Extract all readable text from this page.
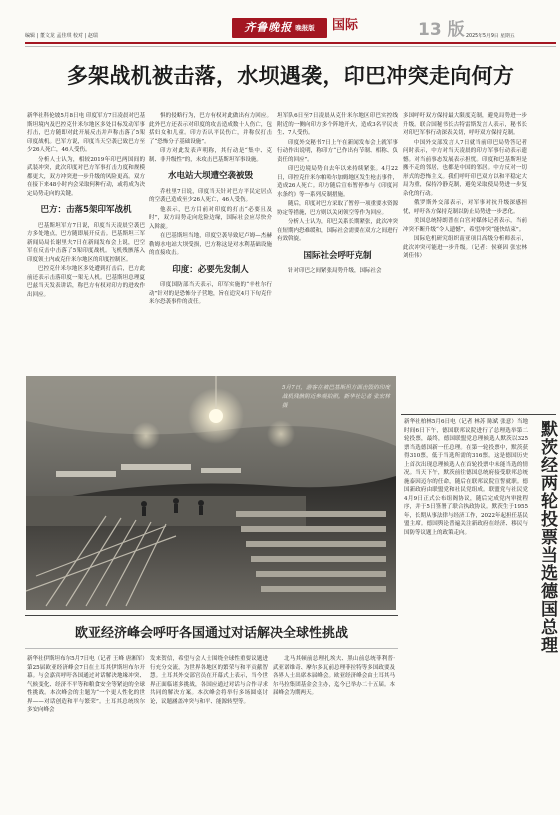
编辑 | 董文龙 孟佳琪 校对 | 赵瑞
齐鲁晚报 晚报版 国际	13 版 2025年5月9日 星期五
多架战机被击落，水坝遇袭，印巴冲突走向何方

新华社科伦坡5月8日电 印度军方7日凌晨对巴基斯坦境内及巴控克什米尔地区多处目标发动军事打击，巴方随即对此开展反击并声称击落了5架印度战机。巴军方说，印度当天空袭已致巴方至少26人死亡，46人受伤。

分析人士认为，相较2019年印巴两国间的武装冲突，此次印度对巴方军事打击力度和规模都更大，双方冲突进一步升级的风险更高。双方在接下来48小时内会采取何种行动，或将成为决定局势走向的关键。

巴方：击落5架印军战机

巴基斯坦军方7日说，印度当天凌晨空袭巴方多处地点，巴方随即展开反击。巴基斯坦三军新闻局局长谢里夫7日在新闻发布会上说，巴空军在反击中击落了5架印度战机。飞机残骸落入印度领土内或克什米尔地区的印度控制区。

巴控克什米尔地区多处遭到打击后，巴方此前还表示击落印度一架无人机。巴基斯坦总理夏巴兹当天发表讲话，称巴方有权对印方的进攻作出回应。

惧的侵略行为，巴方有权对此做出有力回应。此外巴方还表示对印度的攻击造成数十人伤亡，包括妇女和儿童。印方否认平民伤亡，并称仅打击了“恐怖分子基础设施”。

印方对此发表声明称，其行动是“集中、克制、非升级性”的，未攻击巴基斯坦军事设施。

水电站大坝遭空袭被毁

乔杜里7日说，印度当天针对巴方平民定居点的空袭已造成至少26人死亡，46人受伤。

他表示，巴方目前对印度的打击“必要且及时”，双方局势走向危险边缘，国际社会应尽快介入斡旋。

在巴基斯坦当地，印度空袭导致尼卢姆—杰赫勒姆水电站大坝受损，巴方称这是对水利基础设施的直接攻击。

印度：必要先发制人

印度国防部当天表示，印军实施的“辛杜尔行动”针对的是恐怖分子营地，旨在追究4月下旬克什米尔恐袭事件的责任。

坦军队6日至7日凌晨从克什米尔地区印巴实控线附近的一侧向印方多个阵地开火，造成3名平民丧生、7人受伤。

印度外交秘书7日上午在新闻发布会上就军事行动作出说明，称印方“已作出有节制、相称、负责任的回应”。

印巴边境局势自去年以来持续紧张。4月22日，印控克什米尔帕哈尔加姆地区发生枪击事件，造成26人死亡。印方随后宣布暂停参与《印度河水条约》等一系列反制措施。

随后，印度对巴方采取了暂停一项重要水资源协定等措施，巴方则以关闭领空等作为回应。

分析人士认为，印巴关系长期紧张，此次冲突在短期内恐难缓和，国际社会需要在双方之间进行有效斡旋。

国际社会呼吁克制

针对印巴之间紧张局势升级，国际社会

多国呼吁双方保持最大限度克制，避免局势进一步升级。联合国秘书长古特雷斯发言人表示，秘书长对印巴军事行动深表关切，呼吁双方保持克制。

中国外交部发言人7日就当前印巴局势答记者问时表示，中方对当天凌晨的印方军事行动表示遗憾。对当前事态发展表示担忧。印度和巴基斯坦是搬不走的邻居，也都是中国的邻居。中方反对一切形式的恐怖主义。我们呼吁印巴双方以和平稳定大局为重，保持冷静克制，避免采取使局势进一步复杂化的行动。

俄罗斯外交部表示，对军事对抗升级深感担忧，呼吁各方保持克制以防止局势进一步恶化。

美国总统特朗普在白宫对媒体记者表示，当前冲突不断升级“令人遗憾”，希望冲突“能快结束”。

国际危机研究组织南亚项目高级分析师表示，此次冲突可能进一步升级。（记者：侯赛因 张宏林 刘佳伟）

5月7日，游客在被巴基斯坦方面击毁的印度战机残骸附近参观拍照。新华社记者 张宏林 摄

新华社柏林5月6日电（记者 林苏 陈斌 张意）当地时间6日下午，德国联邦议院进行了总理选举第二轮投票，最终，德国联盟党总理候选人默茨以325票当选德国新一任总理。在第一轮投票中，默茨获得310票，低于当选所需的316票。这是德国历史上首次出现总理候选人在首轮投票中未能当选的情况。当天下午，默茨前往德国总统府接受联邦总统施泰因迈尔的任命，随后在联邦议院宣誓就职。德国新政府由联盟党和社民党组成。联盟党与社民党4月9日正式公布组阁协议，随后完成党内审批程序，并于5日签署了联合执政协议。默茨生于1955年，长期从事法律与经济工作，2022年起担任基民盟主席。德国舆论普遍关注新政府在经济、移民与国防等议题上的政策走向。	默茨经两轮投票当选德国总理
欧亚经济峰会呼吁各国通过对话解决全球性挑战

新华社伊斯坦布尔5月7日电（记者 王峰 唐湘军）第25届欧亚经济峰会7日在土耳其伊斯坦布尔开幕。与会嘉宾呼吁各国通过对话解决地缘冲突、气候变化、经济不平等和粮食安全等紧迫的全球性挑战。本次峰会的主题为“一个更人性化的世界——对话创造和平与繁荣”。土耳其总统埃尔多安向峰会

发来贺信，希望与会人士围绕全球性重要议题进行充分交流，为世界各地区的繁荣与和平贡献智慧。土耳其外交部官员在开幕式上表示，当今世界正面临诸多挑战，各国应通过对话与合作寻求共同的解决方案。本次峰会将举行多场圆桌讨论，议题涵盖冲突与和平、能源转型等。

北马其顿前总理扎埃夫、黑山前总统菲利普·武亚诺维奇、摩尔多瓦前总理菲拉特等多国政要及各界人士出席本届峰会。欧亚经济峰会由土耳其马尔马拉集团基金会主办，迄今已举办二十五届。本届峰会为期两天。
